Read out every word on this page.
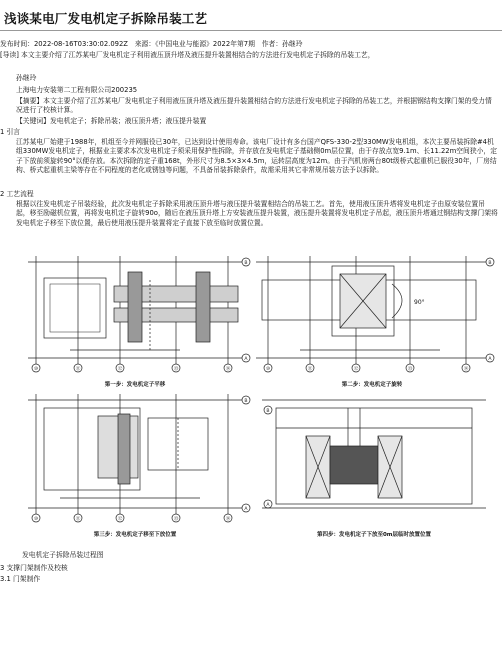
浅谈某电厂发电机定子拆除吊装工艺
发布时间：2022-08-16T03:30:02.092Z　来源：《中国电业与能源》2022年第7期　作者：孙继玲
[导读] 本文主要介绍了江苏某电厂发电机定子利用液压顶升塔及液压提升装置相结合的方法进行发电机定子拆除的吊装工艺，
孙继玲
上海电力安装第二工程有限公司200235
【摘要】本文主要介绍了江苏某电厂发电机定子利用液压顶升塔及液压提升装置相结合的方法进行发电机定子拆除的吊装工艺，并根据钢结构支撑门架的受力情况进行了校核计算。
【关键词】发电机定子；拆除吊装；液压顶升塔；液压提升装置
1 引言
江苏某电厂始建于1988年，机组至今并网服役已30年，已达到设计使用寿命。该电厂设计有多台国产QFS-330-2型330MW发电机组，本次主要吊装拆除#4机组330MW发电机定子，根据业主要求本次发电机定子须采用保护性拆除，并存放在发电机定子基础侧0m层位置，由于存放点宽9.1m、长11.22m空间狭小，定子下放前须旋转90°以便存放。本次拆除的定子重168t，外形尺寸为8.5×3×4.5m，运转层高度为12m。由于汽机房两台80t级桥式起重机已服役30年，厂房结构、桥式起重机主梁等存在不同程度的老化或锈蚀等问题，不具备吊装拆除条件，故需采用其它非常规吊装方法予以拆除。
2 工艺流程
根据以往发电机定子吊装经验，此次发电机定子拆除采用液压顶升塔与液压提升装置相结合的吊装工艺。首先，使用液压顶升塔将发电机定子由原安装位置吊起，移至励磁机位置，再将发电机定子旋转90o，随后在液压顶升塔上方安装液压提升装置，液压提升装置将发电机定子吊起，液压顶升塔通过钢结构支撑门架将发电机定子移至下放位置，最后使用液压提升装置将定子直接下放至临时放置位置。
B
A
B
A
B
A
B
A
⑩	⑪	⑫	⑬	⑭	⑩	⑪	⑫	⑬	⑭
⑩	⑪	⑫	⑬	⑭
第一步：发电机定子平移	第二步：发电机定子旋转
第三步：发电机定子移至下放位置	第四步：发电机定子下放至0m层临时放置位置
90°
发电机定子拆除吊装过程图
3 支撑门架制作及校核
3.1 门架制作
